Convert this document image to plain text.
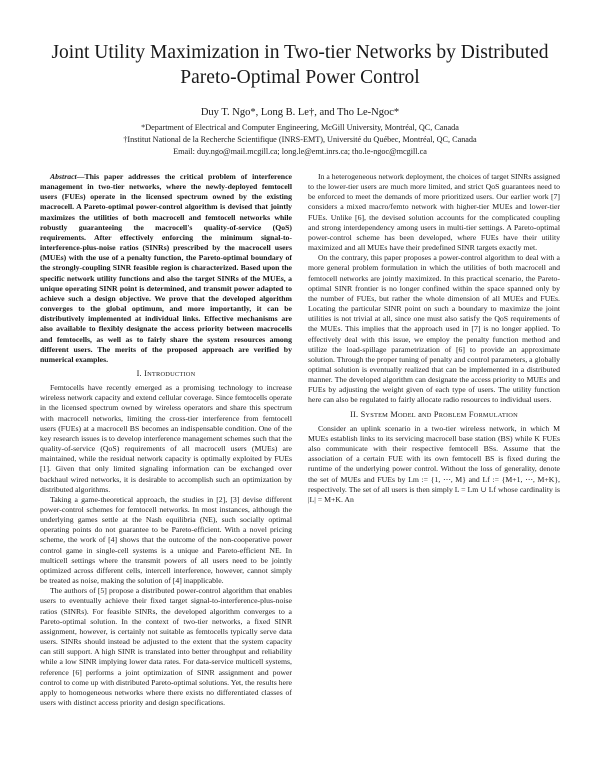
Joint Utility Maximization in Two-tier Networks by Distributed Pareto-Optimal Power Control
Duy T. Ngo*, Long B. Le†, and Tho Le-Ngoc*
*Department of Electrical and Computer Engineering, McGill University, Montréal, QC, Canada
†Institut National de la Recherche Scientifique (INRS-EMT), Université du Québec, Montréal, QC, Canada
Email: duy.ngo@mail.mcgill.ca; long.le@emt.inrs.ca; tho.le-ngoc@mcgill.ca

Abstract—This paper addresses the critical problem of interference management in two-tier networks, where the newly-deployed femtocell users (FUEs) operate in the licensed spectrum owned by the existing macrocell. A Pareto-optimal power-control algorithm is devised that jointly maximizes the utilities of both macrocell and femtocell networks while robustly guaranteeing the macrocell's quality-of-service (QoS) requirements. After effectively enforcing the minimum signal-to-interference-plus-noise ratios (SINRs) prescribed by the macrocell users (MUEs) with the use of a penalty function, the Pareto-optimal boundary of the strongly-coupling SINR feasible region is characterized. Based upon the specific network utility functions and also the target SINRs of the MUEs, a unique operating SINR point is determined, and transmit power adapted to achieve such a design objective. We prove that the developed algorithm converges to the global optimum, and more importantly, it can be distributively implemented at individual links. Effective mechanisms are also available to flexibly designate the access priority between macrocells and femtocells, as well as to fairly share the system resources among different users. The merits of the proposed approach are verified by numerical examples.

I. INTRODUCTION

Femtocells have recently emerged as a promising technology to increase wireless network capacity and extend cellular coverage. Since femtocells operate in the licensed spectrum owned by wireless operators and share this spectrum with macrocell networks, limiting the cross-tier interference from femtocell users (FUEs) at a macrocell BS becomes an indispensable condition. One of the key research issues is to develop interference management schemes such that the quality-of-service (QoS) requirements of all macrocell users (MUEs) are maintained, while the residual network capacity is optimally exploited by FUEs [1]. Given that only limited signaling information can be exchanged over backhaul wired networks, it is desirable to accomplish such an optimization by distributed algorithms.

Taking a game-theoretical approach, the studies in [2], [3] devise different power-control schemes for femtocell networks. In most instances, although the underlying games settle at the Nash equilibria (NE), such socially optimal operating points do not guarantee to be Pareto-efficient. With a novel pricing scheme, the work of [4] shows that the outcome of the non-cooperative power control game in single-cell systems is a unique and Pareto-efficient NE. In multicell settings where the transmit powers of all users need to be jointly optimized across different cells, intercell interference, however, cannot simply be treated as noise, making the solution of [4] inapplicable.

The authors of [5] propose a distributed power-control algorithm that enables users to eventually achieve their fixed target signal-to-interference-plus-noise ratios (SINRs). For feasible SINRs, the developed algorithm converges to a Pareto-optimal solution. In the context of two-tier networks, a fixed SINR assignment, however, is certainly not suitable as femtocells typically serve data users. SINRs should instead be adjusted to the extent that the system capacity can still support. A high SINR is translated into better throughput and reliability while a low SINR implying lower data rates. For data-service multicell systems, reference [6] performs a joint optimization of SINR assignment and power control to come up with distributed Pareto-optimal solutions. Yet, the results here apply to homogeneous networks where there exists no differentiated classes of users with distinct access priority and design specifications.

In a heterogeneous network deployment, the choices of target SINRs assigned to the lower-tier users are much more limited, and strict QoS guarantees need to be enforced to meet the demands of more prioritized users. Our earlier work [7] considers a mixed macro/femto network with higher-tier MUEs and lower-tier FUEs. Unlike [6], the devised solution accounts for the complicated coupling and strong interdependency among users in multi-tier settings. A Pareto-optimal power-control scheme has been developed, where FUEs have their utility maximized and all MUEs have their predefined SINR targets exactly met.

On the contrary, this paper proposes a power-control algorithm to deal with a more general problem formulation in which the utilities of both macrocell and femtocell networks are jointly maximized. In this practical scenario, the Pareto-optimal SINR frontier is no longer confined within the space spanned only by the number of FUEs, but rather the whole dimension of all MUEs and FUEs. Locating the particular SINR point on such a boundary to maximize the joint utilities is not trivial at all, since one must also satisfy the QoS requirements of the MUEs. This implies that the approach used in [7] is no longer applied. To effectively deal with this issue, we employ the penalty function method and utilize the load-spillage parametrization of [6] to provide an approximate solution. Through the proper tuning of penalty and control parameters, a globally optimal solution is eventually realized that can be implemented in a distributed manner. The developed algorithm can designate the access priority to MUEs and FUEs by adjusting the weight given of each type of users. The utility function here can also be regulated to fairly allocate radio resources to individual users.

II. SYSTEM MODEL aND PROBLEM FORMULATION

Consider an uplink scenario in a two-tier wireless network, in which M MUEs establish links to its servicing macrocell base station (BS) while K FUEs also communicate with their respective femtocell BSs. Assume that the association of a certain FUE with its own femtocell BS is fixed during the runtime of the underlying power control. Without the loss of generality, denote the set of MUEs and FUEs by Lm := {1, ⋯, M} and Lf := {M+1, ⋯, M+K}, respectively. The set of all users is then simply L = Lm ∪ Lf whose cardinality is |L| = M+K. An
